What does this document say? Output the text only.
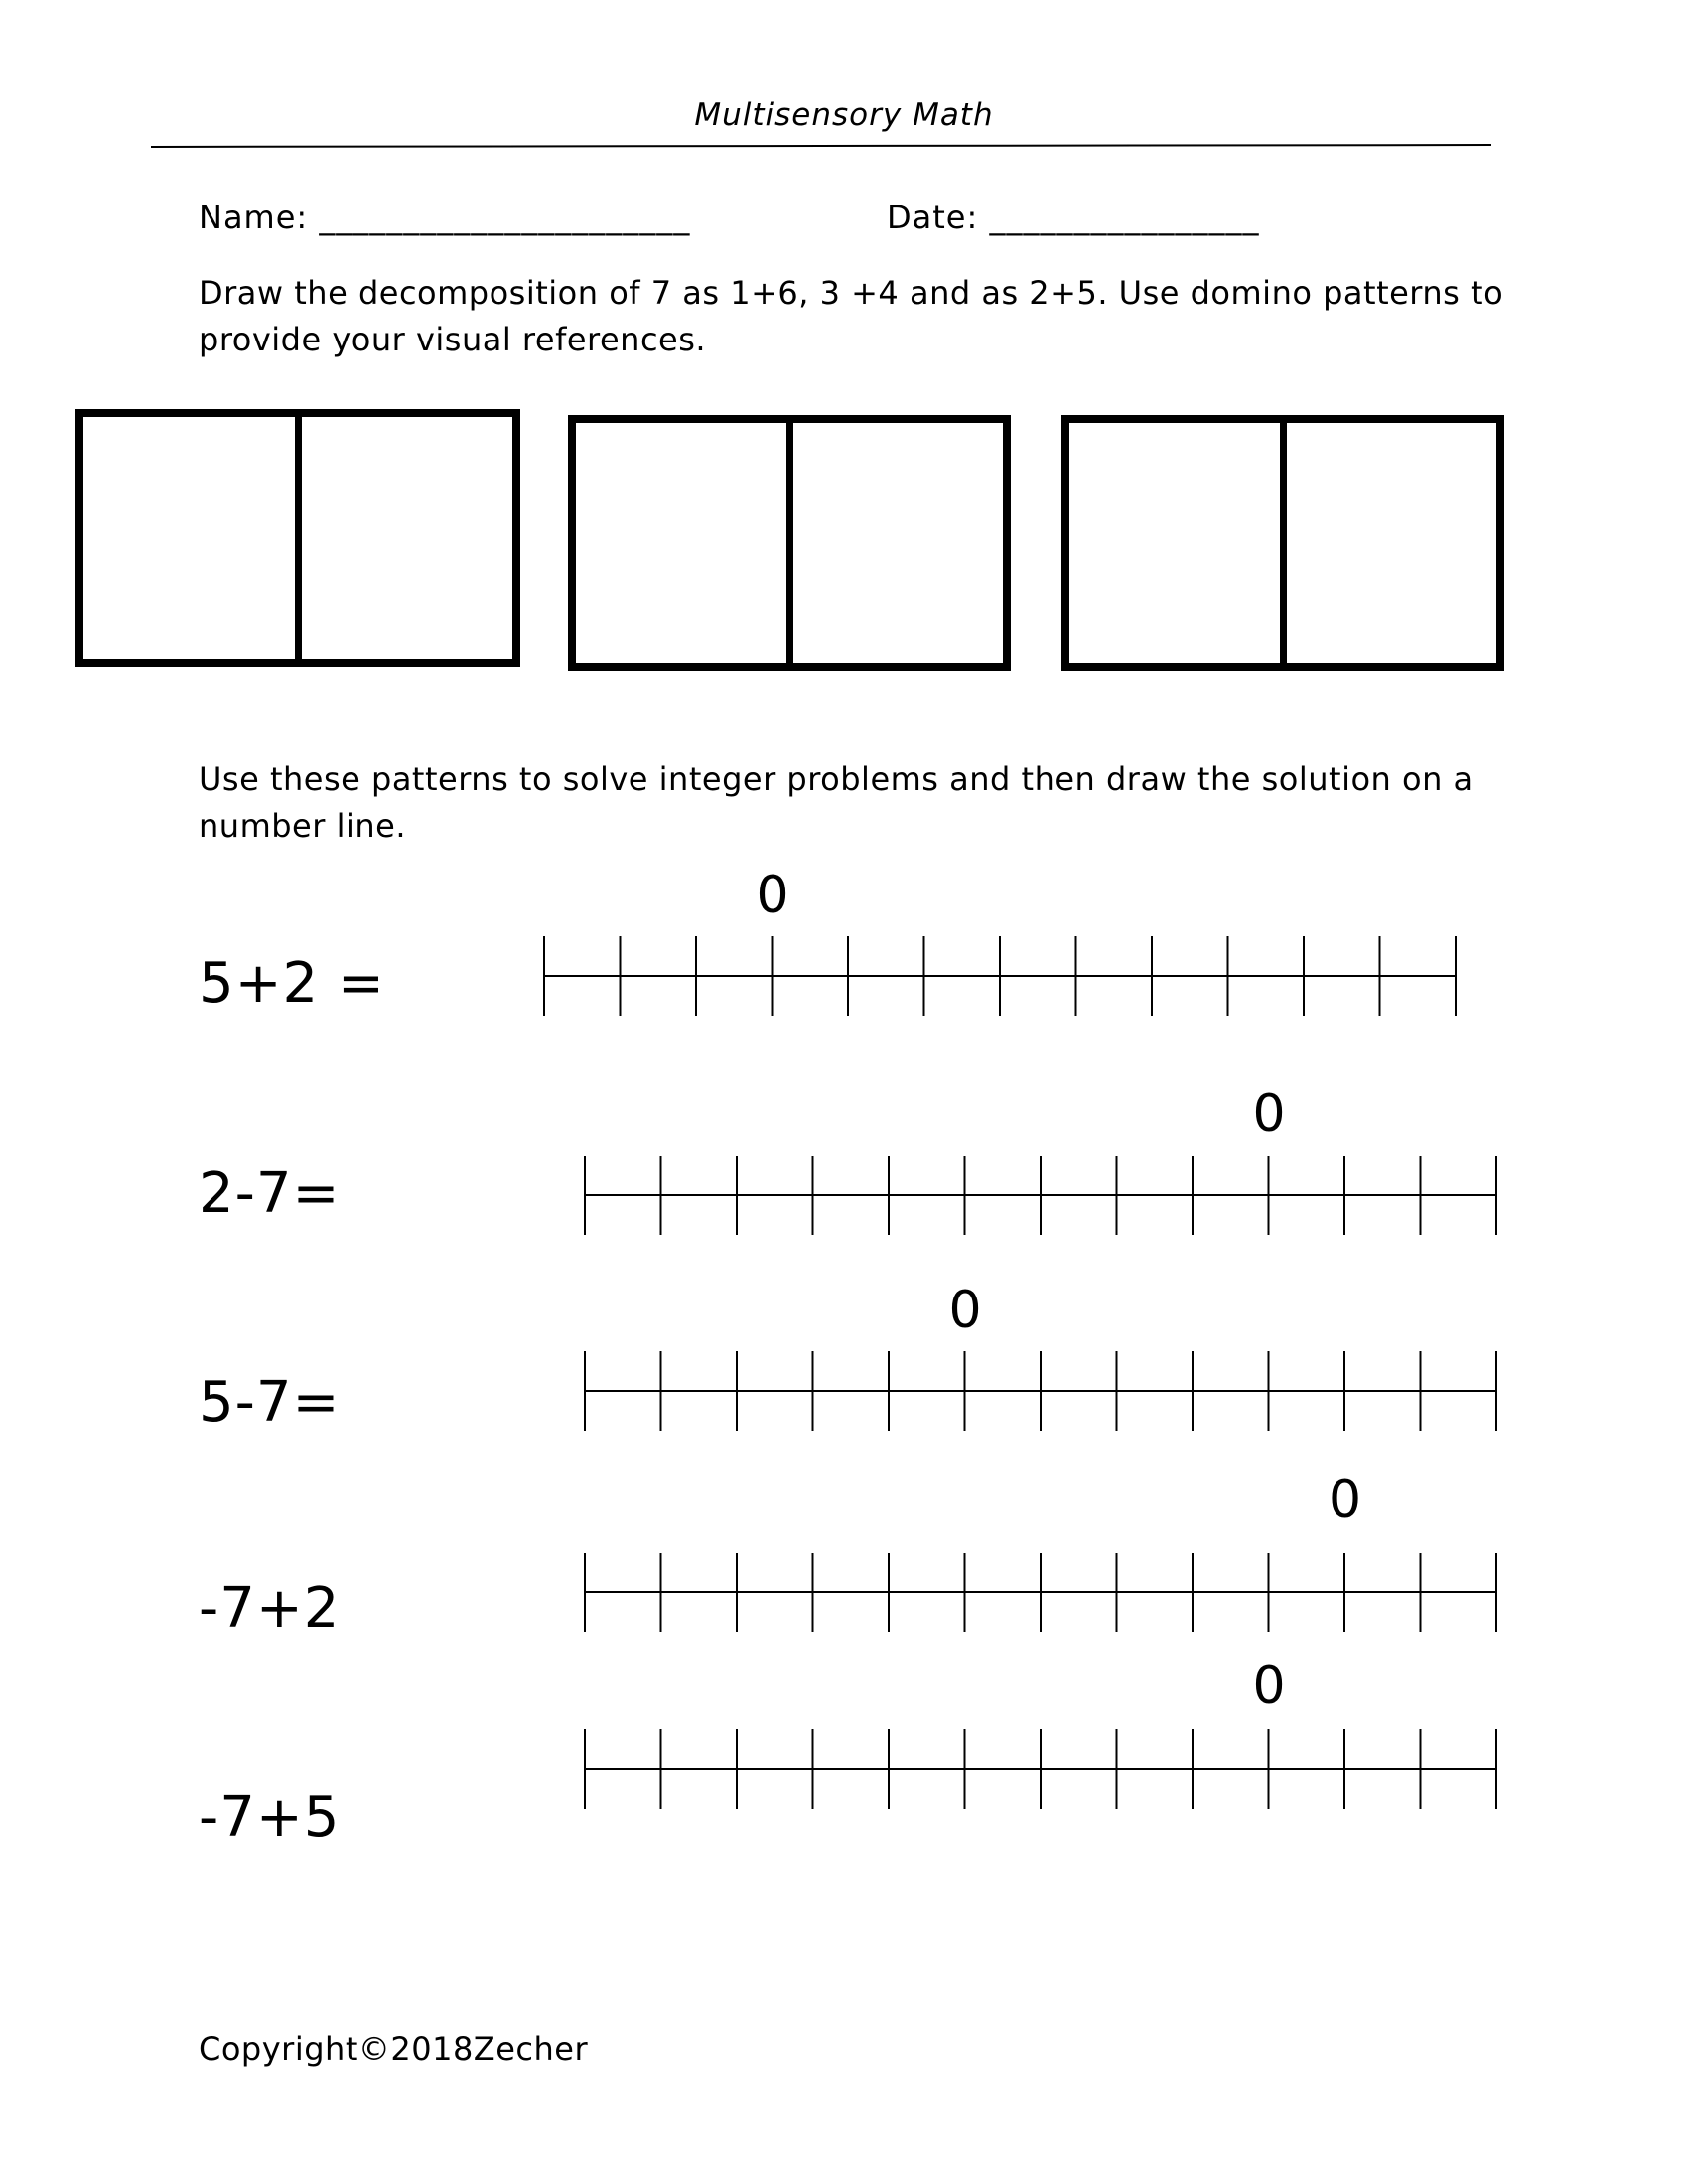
Multisensory Math
Name: ______________________	Date: ________________
Draw the decomposition of 7 as 1+6, 3 +4 and as 2+5. Use domino patterns to provide your visual references.
Use these patterns to solve integer problems and then draw the solution on a number line.
5+2 =
0
2-7=
0
5-7=
0
-7+2
0
-7+5
0
Copyright©2018Zecher
